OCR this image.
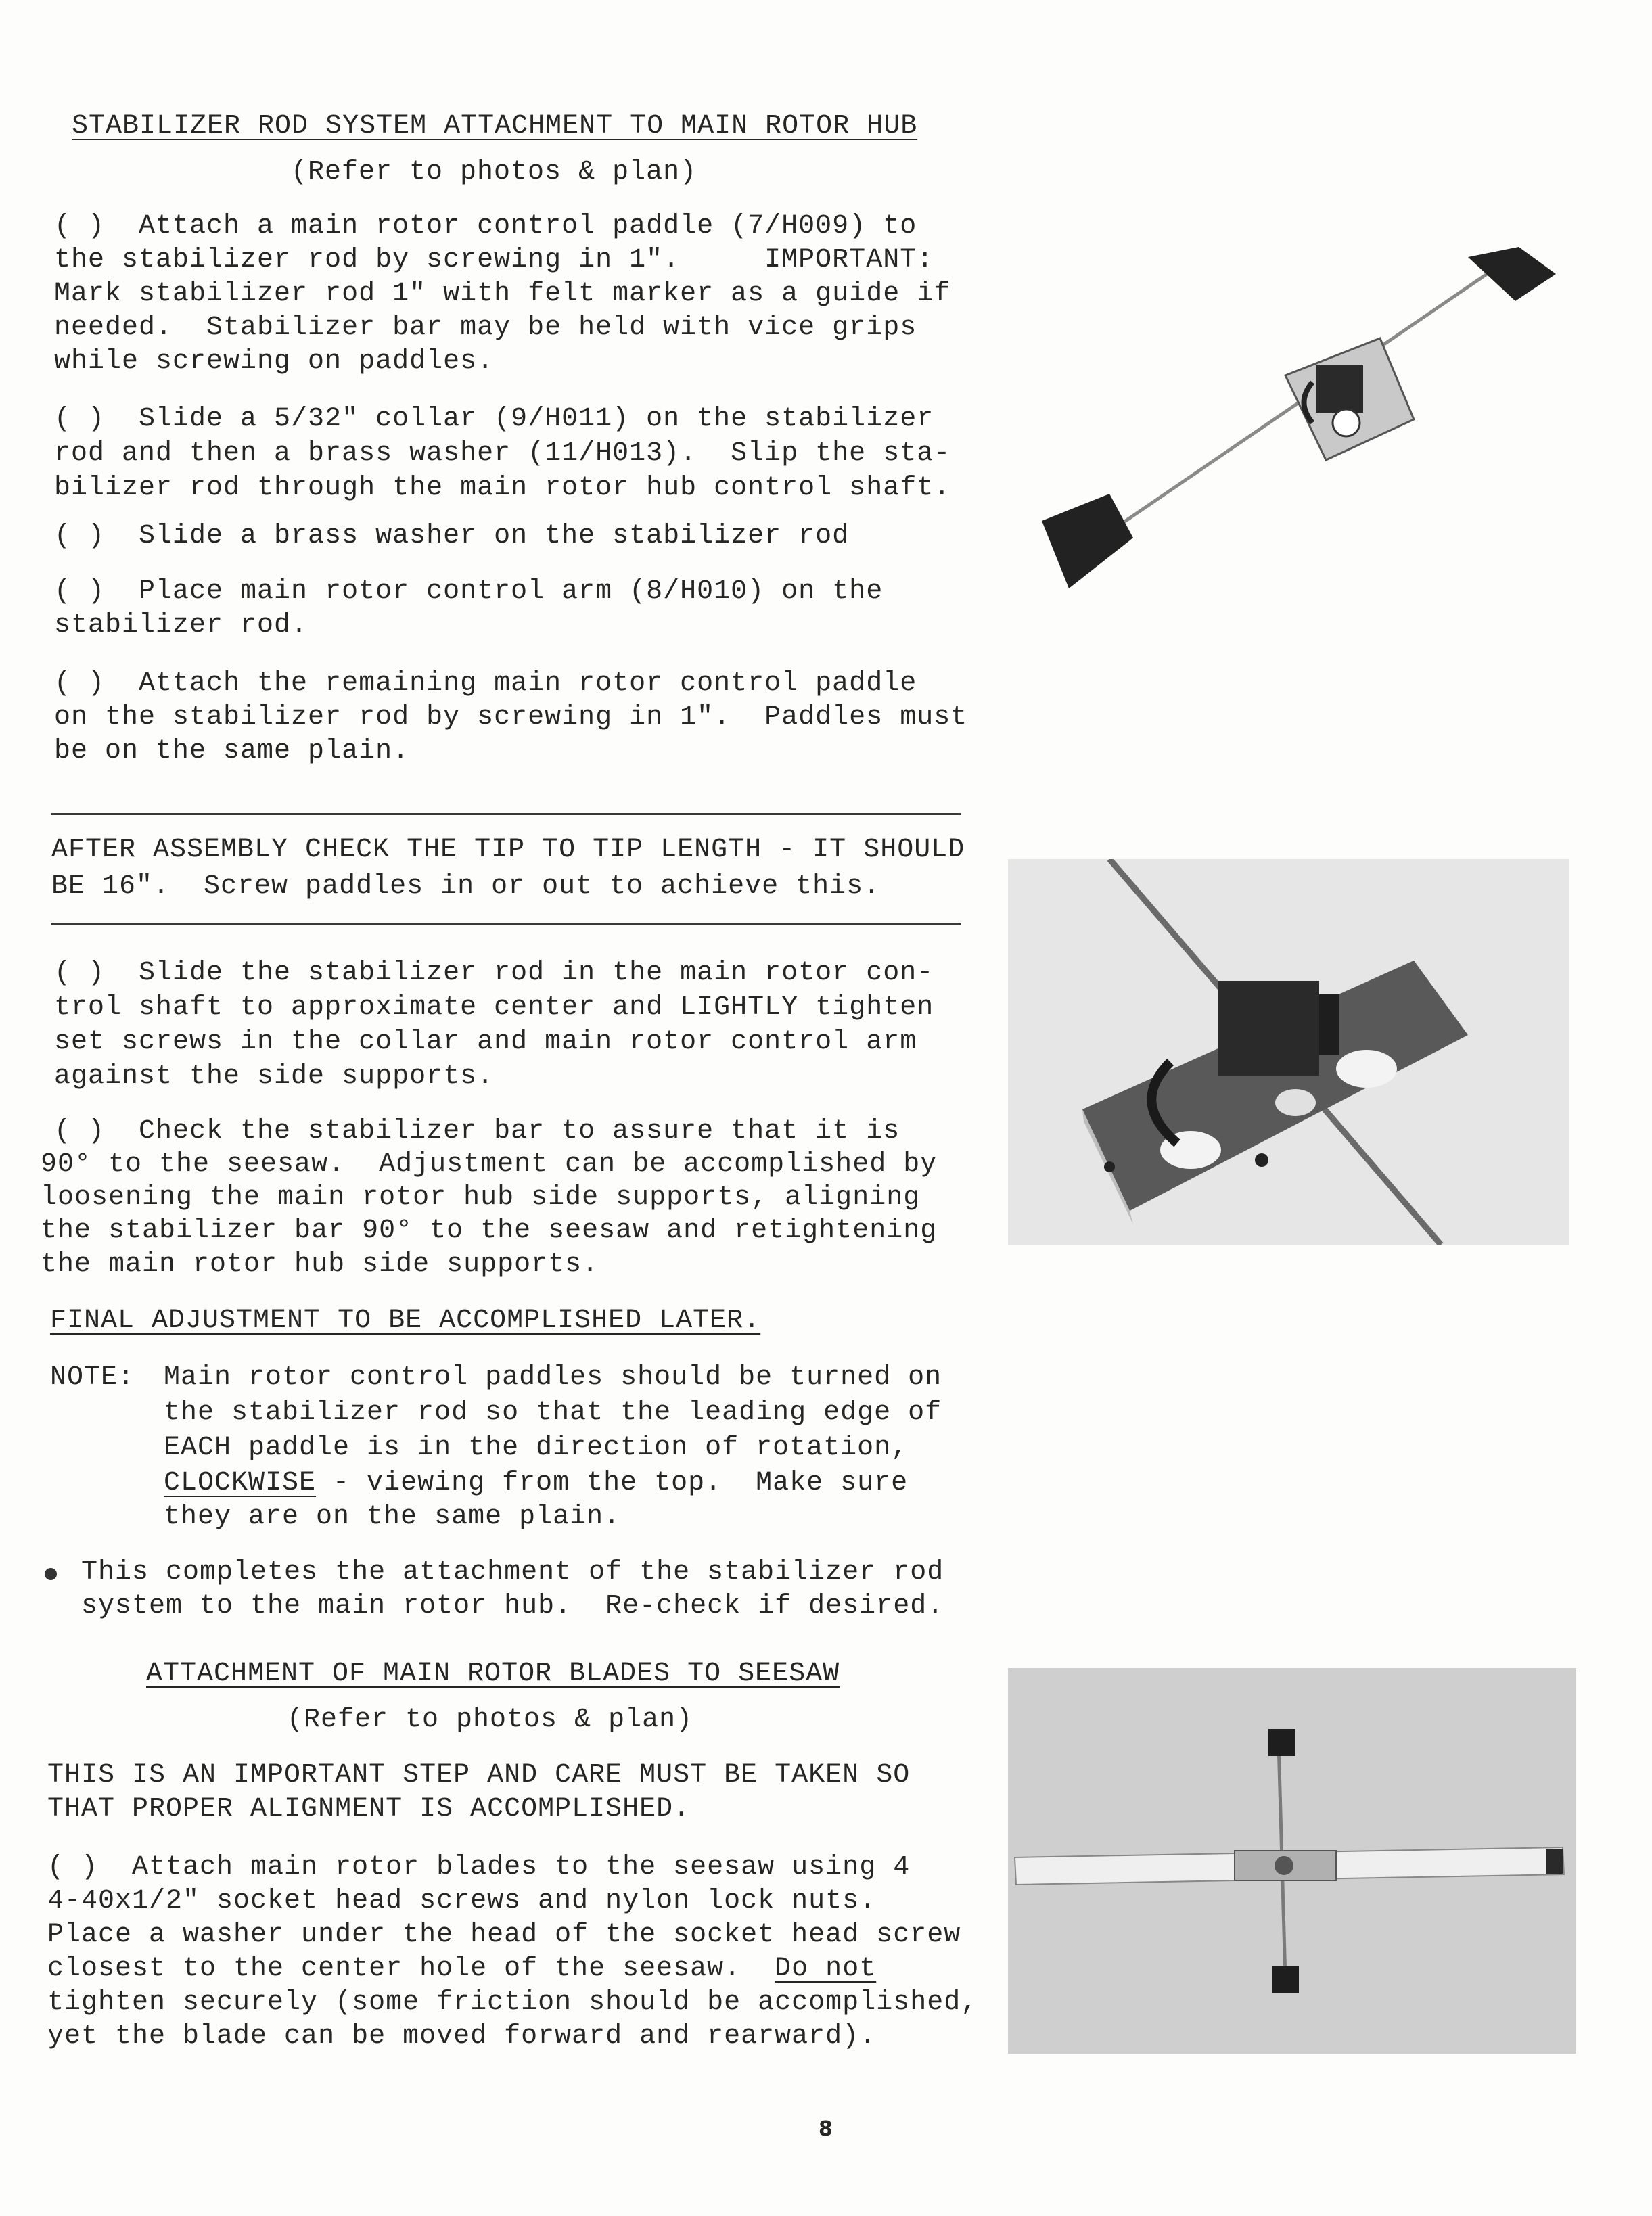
STABILIZER ROD SYSTEM ATTACHMENT TO MAIN ROTOR HUB
(Refer to photos & plan)
( )  Attach a main rotor control paddle (7/H009) to
the stabilizer rod by screwing in 1".     IMPORTANT:
Mark stabilizer rod 1" with felt marker as a guide if
needed.  Stabilizer bar may be held with vice grips
while screwing on paddles.
( )  Slide a 5/32" collar (9/H011) on the stabilizer
rod and then a brass washer (11/H013).  Slip the sta-
bilizer rod through the main rotor hub control shaft.
( )  Slide a brass washer on the stabilizer rod
( )  Place main rotor control arm (8/H010) on the
stabilizer rod.
( )  Attach the remaining main rotor control paddle
on the stabilizer rod by screwing in 1".  Paddles must
be on the same plain.
AFTER ASSEMBLY CHECK THE TIP TO TIP LENGTH - IT SHOULD
BE 16".  Screw paddles in or out to achieve this.
( )  Slide the stabilizer rod in the main rotor con-
trol shaft to approximate center and LIGHTLY tighten
set screws in the collar and main rotor control arm
against the side supports.
( )  Check the stabilizer bar to assure that it is
90° to the seesaw.  Adjustment can be accomplished by
loosening the main rotor hub side supports, aligning
the stabilizer bar 90° to the seesaw and retightening
the main rotor hub side supports.
FINAL ADJUSTMENT TO BE ACCOMPLISHED LATER.
NOTE: Main rotor control paddles should be turned on
the stabilizer rod so that the leading edge of
EACH paddle is in the direction of rotation,
CLOCKWISE - viewing from the top.  Make sure
they are on the same plain.
This completes the attachment of the stabilizer rod
system to the main rotor hub.  Re-check if desired.
ATTACHMENT OF MAIN ROTOR BLADES TO SEESAW
(Refer to photos & plan)
THIS IS AN IMPORTANT STEP AND CARE MUST BE TAKEN SO
THAT PROPER ALIGNMENT IS ACCOMPLISHED.
( )  Attach main rotor blades to the seesaw using 4
4-40x1/2" socket head screws and nylon lock nuts.
Place a washer under the head of the socket head screw
closest to the center hole of the seesaw.  Do not
tighten securely (some friction should be accomplished,
yet the blade can be moved forward and rearward).
8
